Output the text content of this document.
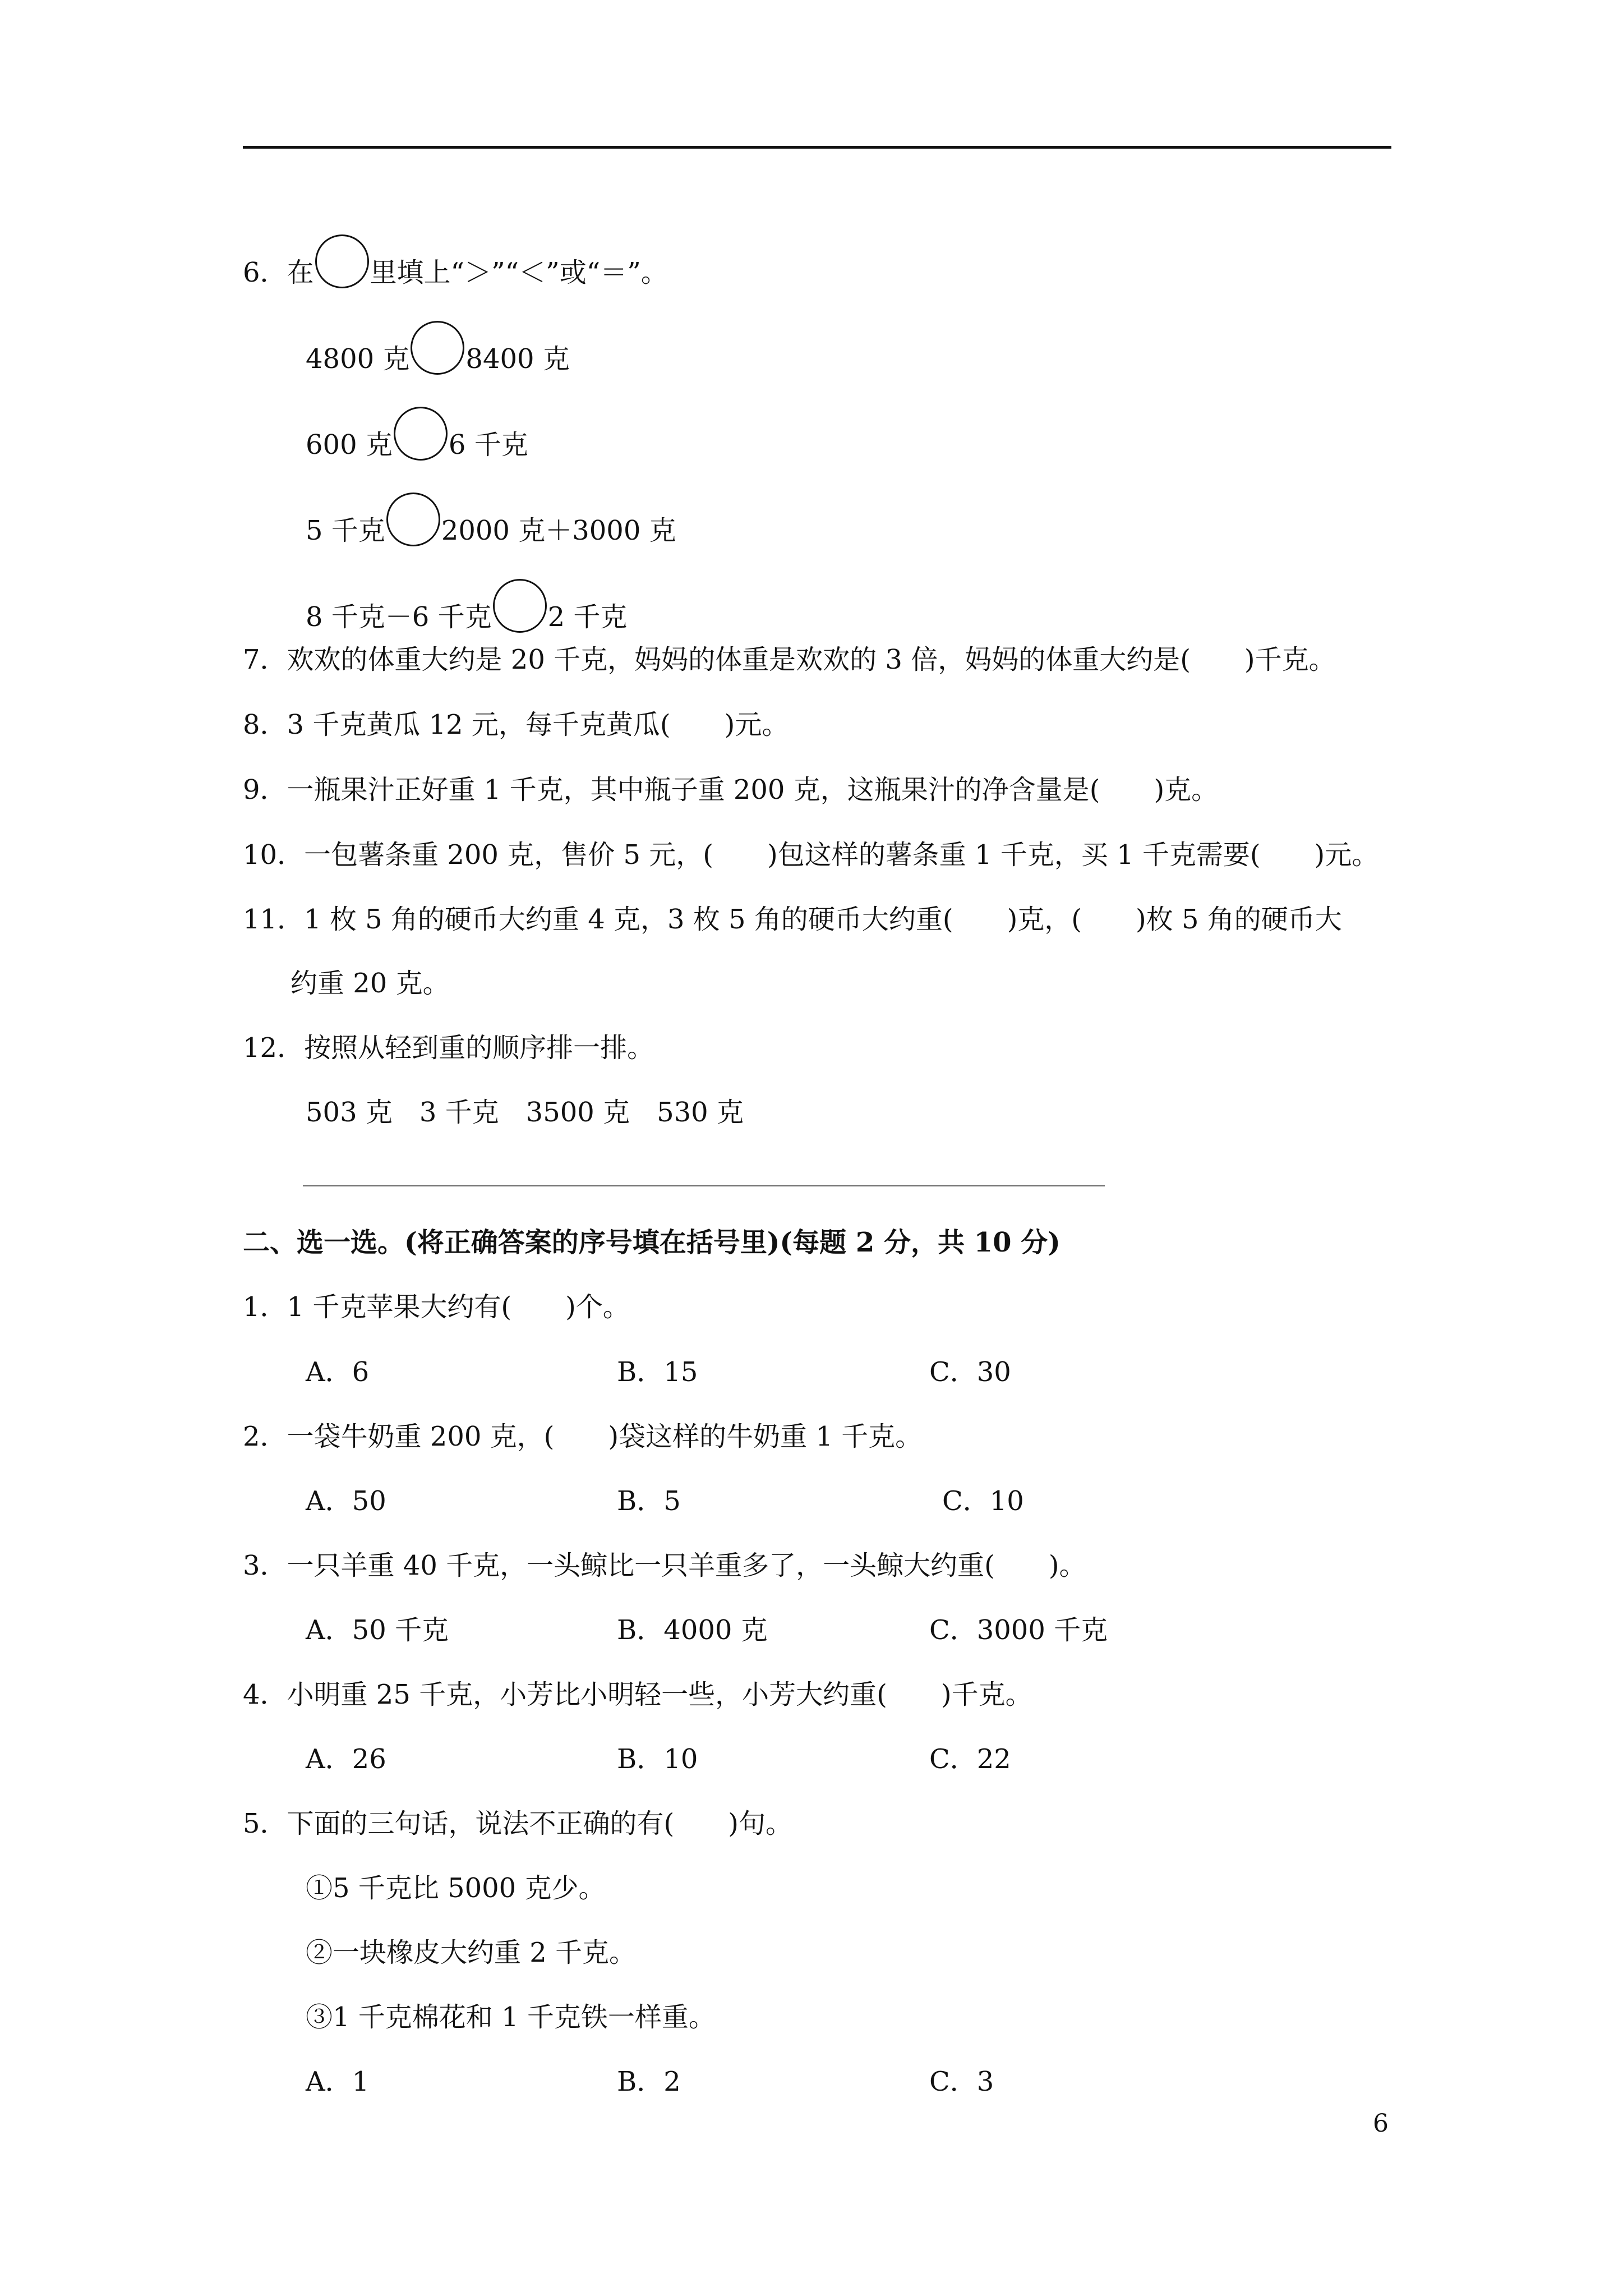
6．在 里填上“＞”“＜”或“＝”。
4800 克 8400 克
600 克 6 千克
5 千克 2000 克＋3000 克
8 千克－6 千克 2 千克
7．欢欢的体重大约是 20 千克，妈妈的体重是欢欢的 3 倍，妈妈的体重大约是(　　)千克。
8．3 千克黄瓜 12 元，每千克黄瓜(　　)元。
9．一瓶果汁正好重 1 千克，其中瓶子重 200 克，这瓶果汁的净含量是(　　)克。
10．一包薯条重 200 克，售价 5 元，(　　)包这样的薯条重 1 千克，买 1 千克需要(　　)元。
11．1 枚 5 角的硬币大约重 4 克，3 枚 5 角的硬币大约重(　　)克，(　　)枚 5 角的硬币大
约重 20 克。
12．按照从轻到重的顺序排一排。
503 克　3 千克　3500 克　530 克
二、选一选。(将正确答案的序号填在括号里)(每题 2 分，共 10 分)
1．1 千克苹果大约有(　　)个。
A．6	B．15	C．30
2．一袋牛奶重 200 克，(　　)袋这样的牛奶重 1 千克。
A．50	B．5	C．10
3．一只羊重 40 千克，一头鲸比一只羊重多了，一头鲸大约重(　　)。
A．50 千克	B．4000 克	C．3000 千克
4．小明重 25 千克，小芳比小明轻一些，小芳大约重(　　)千克。
A．26	B．10	C．22
5．下面的三句话，说法不正确的有(　　)句。
①5 千克比 5000 克少。
②一块橡皮大约重 2 千克。
③1 千克棉花和 1 千克铁一样重。
A．1	B．2	C．3
6
